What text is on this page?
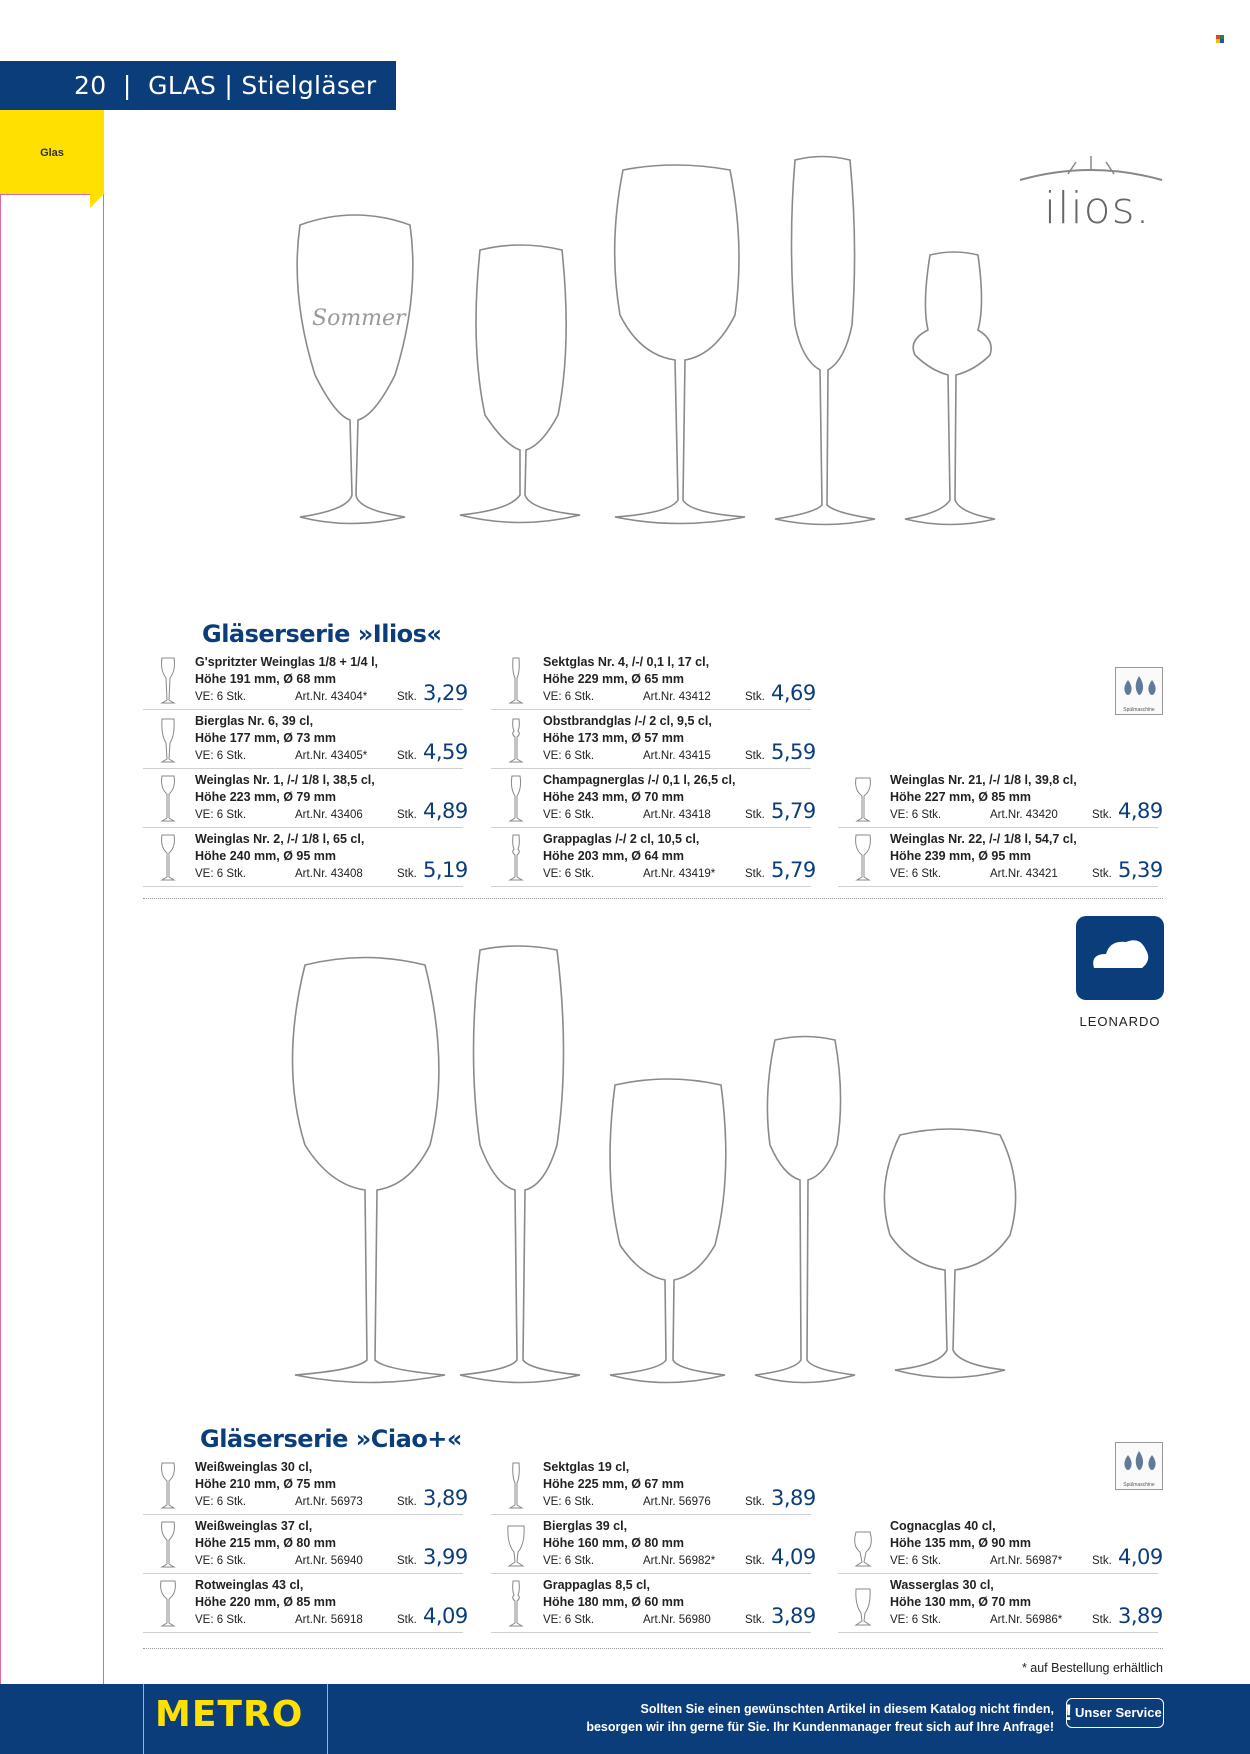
20  |  GLAS | Stielgläser
Glas
Sommer
ilios.
Gläserserie »Ilios«
Spülmaschine
G'spritzter Weinglas 1/8 + 1/4 l,
Höhe 191 mm, Ø 68 mm
VE: 6 Stk.	Art.Nr. 43404*	Stk. 3,29
Bierglas Nr. 6, 39 cl,
Höhe 177 mm, Ø 73 mm
VE: 6 Stk.	Art.Nr. 43405*	Stk. 4,59
Weinglas Nr. 1, /-/ 1/8 l, 38,5 cl,
Höhe 223 mm, Ø 79 mm
VE: 6 Stk.	Art.Nr. 43406	Stk. 4,89
Weinglas Nr. 2, /-/ 1/8 l, 65 cl,
Höhe 240 mm, Ø 95 mm
VE: 6 Stk.	Art.Nr. 43408	Stk. 5,19
Sektglas Nr. 4, /-/ 0,1 l, 17 cl,
Höhe 229 mm, Ø 65 mm
VE: 6 Stk.	Art.Nr. 43412	Stk. 4,69
Obstbrandglas /-/ 2 cl, 9,5 cl,
Höhe 173 mm, Ø 57 mm
VE: 6 Stk.	Art.Nr. 43415	Stk. 5,59
Champagnerglas /-/ 0,1 l, 26,5 cl,
Höhe 243 mm, Ø 70 mm
VE: 6 Stk.	Art.Nr. 43418	Stk. 5,79
Grappaglas /-/ 2 cl, 10,5 cl,
Höhe 203 mm, Ø 64 mm
VE: 6 Stk.	Art.Nr. 43419*	Stk. 5,79
Weinglas Nr. 21, /-/ 1/8 l, 39,8 cl,
Höhe 227 mm, Ø 85 mm
VE: 6 Stk.	Art.Nr. 43420	Stk. 4,89
Weinglas Nr. 22, /-/ 1/8 l, 54,7 cl,
Höhe 239 mm, Ø 95 mm
VE: 6 Stk.	Art.Nr. 43421	Stk. 5,39
LEONARDO
Gläserserie »Ciao+«
Spülmaschine
Weißweinglas 30 cl,
Höhe 210 mm, Ø 75 mm
VE: 6 Stk.	Art.Nr. 56973	Stk. 3,89
Weißweinglas 37 cl,
Höhe 215 mm, Ø 80 mm
VE: 6 Stk.	Art.Nr. 56940	Stk. 3,99
Rotweinglas 43 cl,
Höhe 220 mm, Ø 85 mm
VE: 6 Stk.	Art.Nr. 56918	Stk. 4,09
Sektglas 19 cl,
Höhe 225 mm, Ø 67 mm
VE: 6 Stk.	Art.Nr. 56976	Stk. 3,89
Bierglas 39 cl,
Höhe 160 mm, Ø 80 mm
VE: 6 Stk.	Art.Nr. 56982*	Stk. 4,09
Grappaglas 8,5 cl,
Höhe 180 mm, Ø 60 mm
VE: 6 Stk.	Art.Nr. 56980	Stk. 3,89
Cognacglas 40 cl,
Höhe 135 mm, Ø 90 mm
VE: 6 Stk.	Art.Nr. 56987*	Stk. 4,09
Wasserglas 30 cl,
Höhe 130 mm, Ø 70 mm
VE: 6 Stk.	Art.Nr. 56986*	Stk. 3,89
* auf Bestellung erhältlich
METRO	Sollten Sie einen gewünschten Artikel in diesem Katalog nicht finden,
besorgen wir ihn gerne für Sie. Ihr Kundenmanager freut sich auf Ihre Anfrage!
! Unser Service
